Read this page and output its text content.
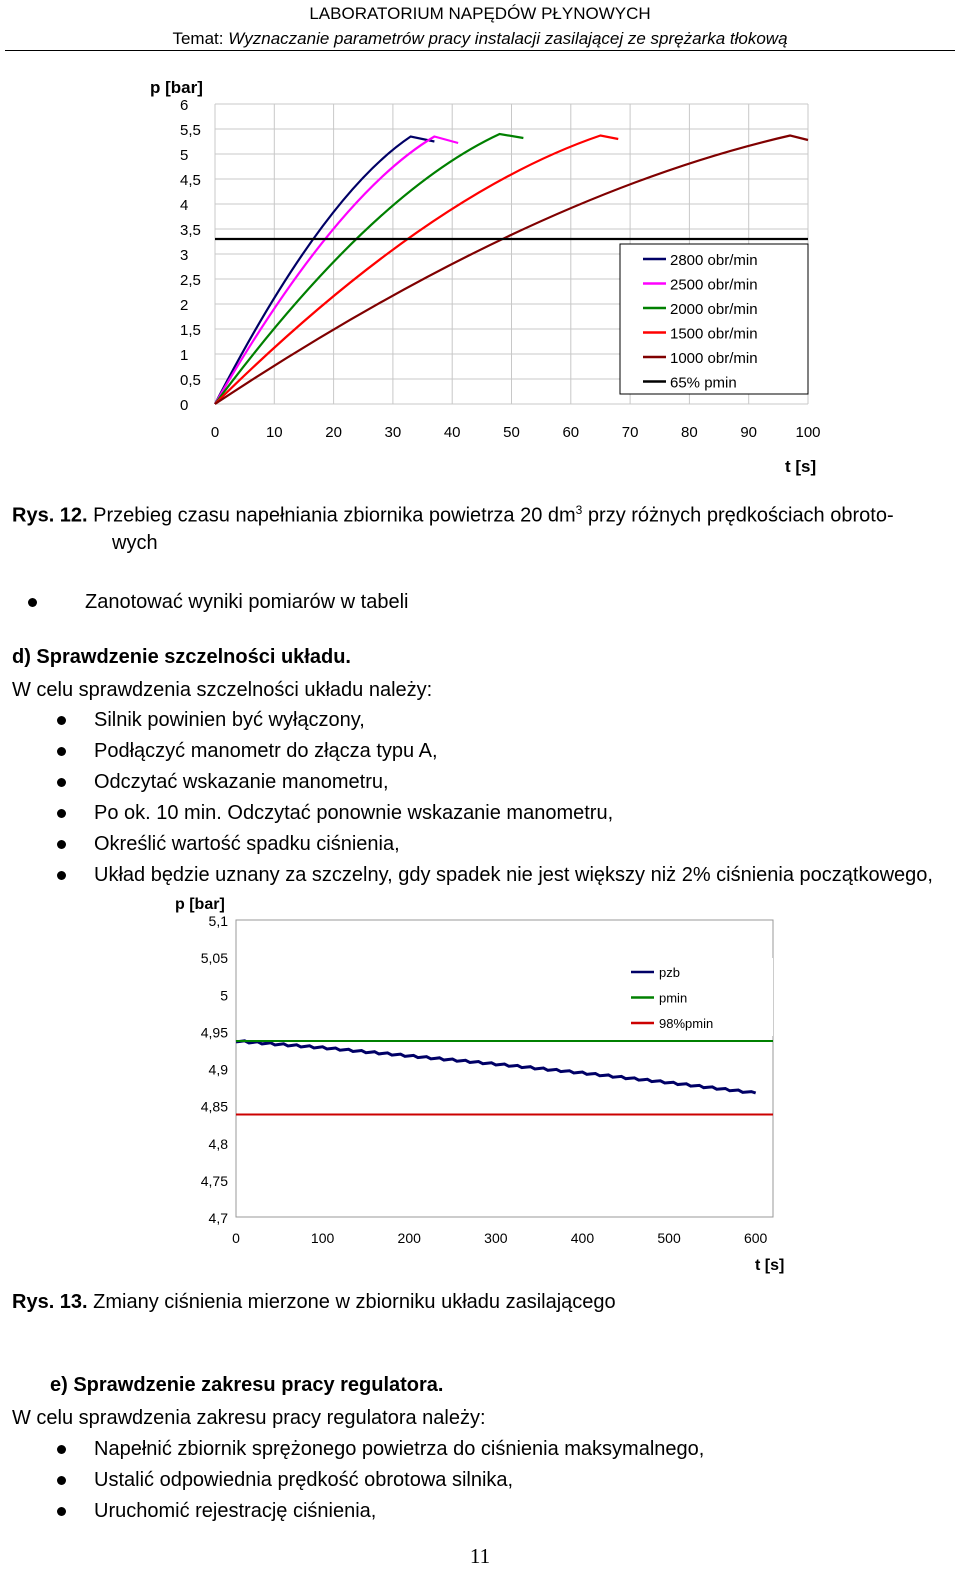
LABORATORIUM NAPĘDÓW PŁYNOWYCH
Temat: Wyznaczanie parametrów pracy instalacji zasilającej ze sprężarka tłokową
0
0,5
1
1,5
2
2,5
3
3,5
4
4,5
5
5,5
6
0	10	20	30	40	50	60	70	80	90	100
p [bar]
t [s]
2800 obr/min
2500 obr/min
2000 obr/min
1500 obr/min
1000 obr/min
65% pmin
Rys. 12. Przebieg czasu napełniania zbiornika powietrza 20 $dm^3$ przy różnych prędkościach obroto-
wych
Zanotować wyniki pomiarów w tabeli
d) Sprawdzenie szczelności układu.
W celu sprawdzenia szczelności układu należy:
Silnik powinien być wyłączony,
Podłączyć manometr do złącza typu A,
Odczytać wskazanie manometru,
Po ok. 10 min. Odczytać ponownie wskazanie manometru,
Określić wartość spadku ciśnienia,
Układ będzie uznany za szczelny, gdy spadek nie jest większy niż 2% ciśnienia początkowego,
4,7
4,75
4,8
4,85
4,9
4,95
5
5,05
5,1
0	100	200	300	400	500	600
p [bar]
t [s]
pzb
pmin
98%pmin
Rys. 13. Zmiany ciśnienia mierzone w zbiorniku układu zasilającego
e) Sprawdzenie zakresu pracy regulatora.
W celu sprawdzenia zakresu pracy regulatora należy:
Napełnić zbiornik sprężonego powietrza do ciśnienia maksymalnego,
Ustalić odpowiednia prędkość obrotowa silnika,
Uruchomić rejestrację ciśnienia,
11
